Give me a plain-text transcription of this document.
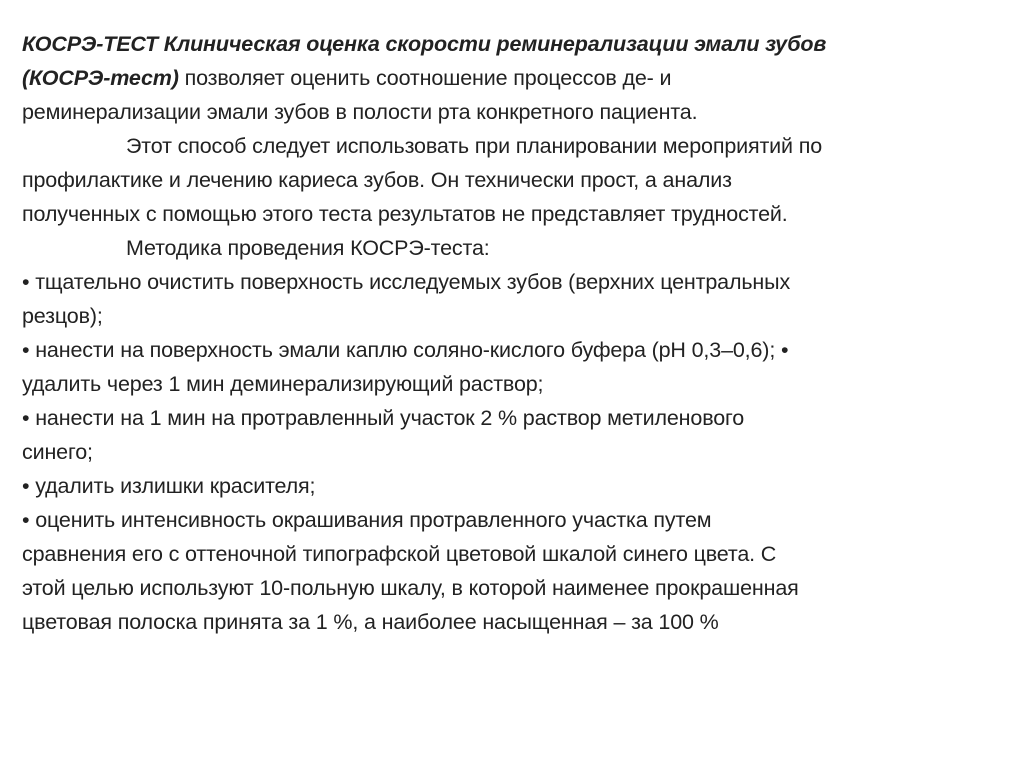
КОСРЭ-ТЕСТ Клиническая оценка скорости реминерализации эмали зубов
(КОСРЭ-тест) позволяет оценить соотношение процессов де- и
реминерализации эмали зубов в полости рта конкретного пациента.
Этот способ следует использовать при планировании мероприятий по
профилактике и лечению кариеса зубов. Он технически прост, а анализ
полученных с помощью этого теста результатов не представляет трудностей.
Методика проведения КОСРЭ-теста:
• тщательно очистить поверхность исследуемых зубов (верхних центральных
резцов);
• нанести на поверхность эмали каплю соляно-кислого буфера (рН 0,3–0,6); •
удалить через 1 мин деминерализирующий раствор;
• нанести на 1 мин на протравленный участок 2 % раствор метиленового
синего;
• удалить излишки красителя;
• оценить интенсивность окрашивания протравленного участка путем
сравнения его с оттеночной типографской цветовой шкалой синего цвета. С
этой целью используют 10-польную шкалу, в которой наименее прокрашенная
цветовая полоска принята за 1 %, а наиболее насыщенная – за 100 %
